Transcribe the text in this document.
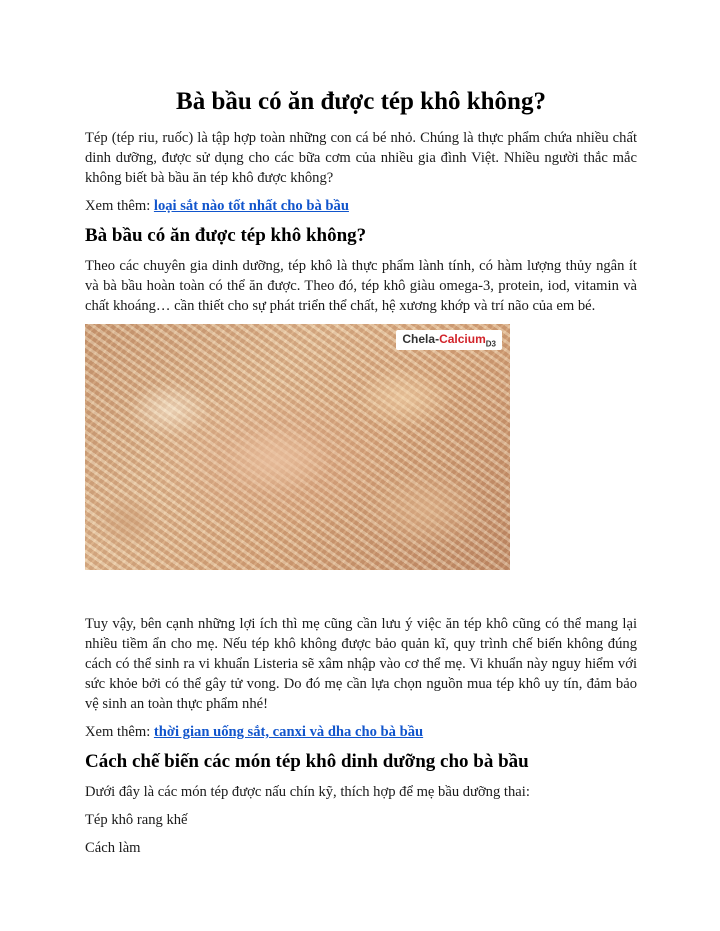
Bà bầu có ăn được tép khô không?

Tép (tép riu, ruốc) là tập hợp toàn những con cá bé nhỏ. Chúng là thực phẩm chứa nhiều chất dinh dưỡng, được sử dụng cho các bữa cơm của nhiều gia đình Việt. Nhiều người thắc mắc không biết bà bầu ăn tép khô được không?

Xem thêm: loại sắt nào tốt nhất cho bà bầu

Bà bầu có ăn được tép khô không?

Theo các chuyên gia dinh dưỡng, tép khô là thực phẩm lành tính, có hàm lượng thủy ngân ít và bà bầu hoàn toàn có thể ăn được. Theo đó, tép khô giàu omega-3, protein, iod, vitamin và chất khoáng… cần thiết cho sự phát triển thể chất, hệ xương khớp và trí não của em bé.

Chela-Calcium$_{D3}$

Tuy vậy, bên cạnh những lợi ích thì mẹ cũng cần lưu ý việc ăn tép khô cũng có thể mang lại nhiều tiềm ẩn cho mẹ. Nếu tép khô không được bảo quản kĩ, quy trình chế biến không đúng cách có thể sinh ra vi khuẩn Listeria sẽ xâm nhập vào cơ thể mẹ. Vi khuẩn này nguy hiểm với sức khỏe bởi có thể gây tử vong. Do đó mẹ cần lựa chọn nguồn mua tép khô uy tín, đảm bảo vệ sinh an toàn thực phẩm nhé!

Xem thêm: thời gian uống sắt, canxi và dha cho bà bầu

Cách chế biến các món tép khô dinh dưỡng cho bà bầu

Dưới đây là các món tép được nấu chín kỹ, thích hợp để mẹ bầu dưỡng thai:

Tép khô rang khế

Cách làm
